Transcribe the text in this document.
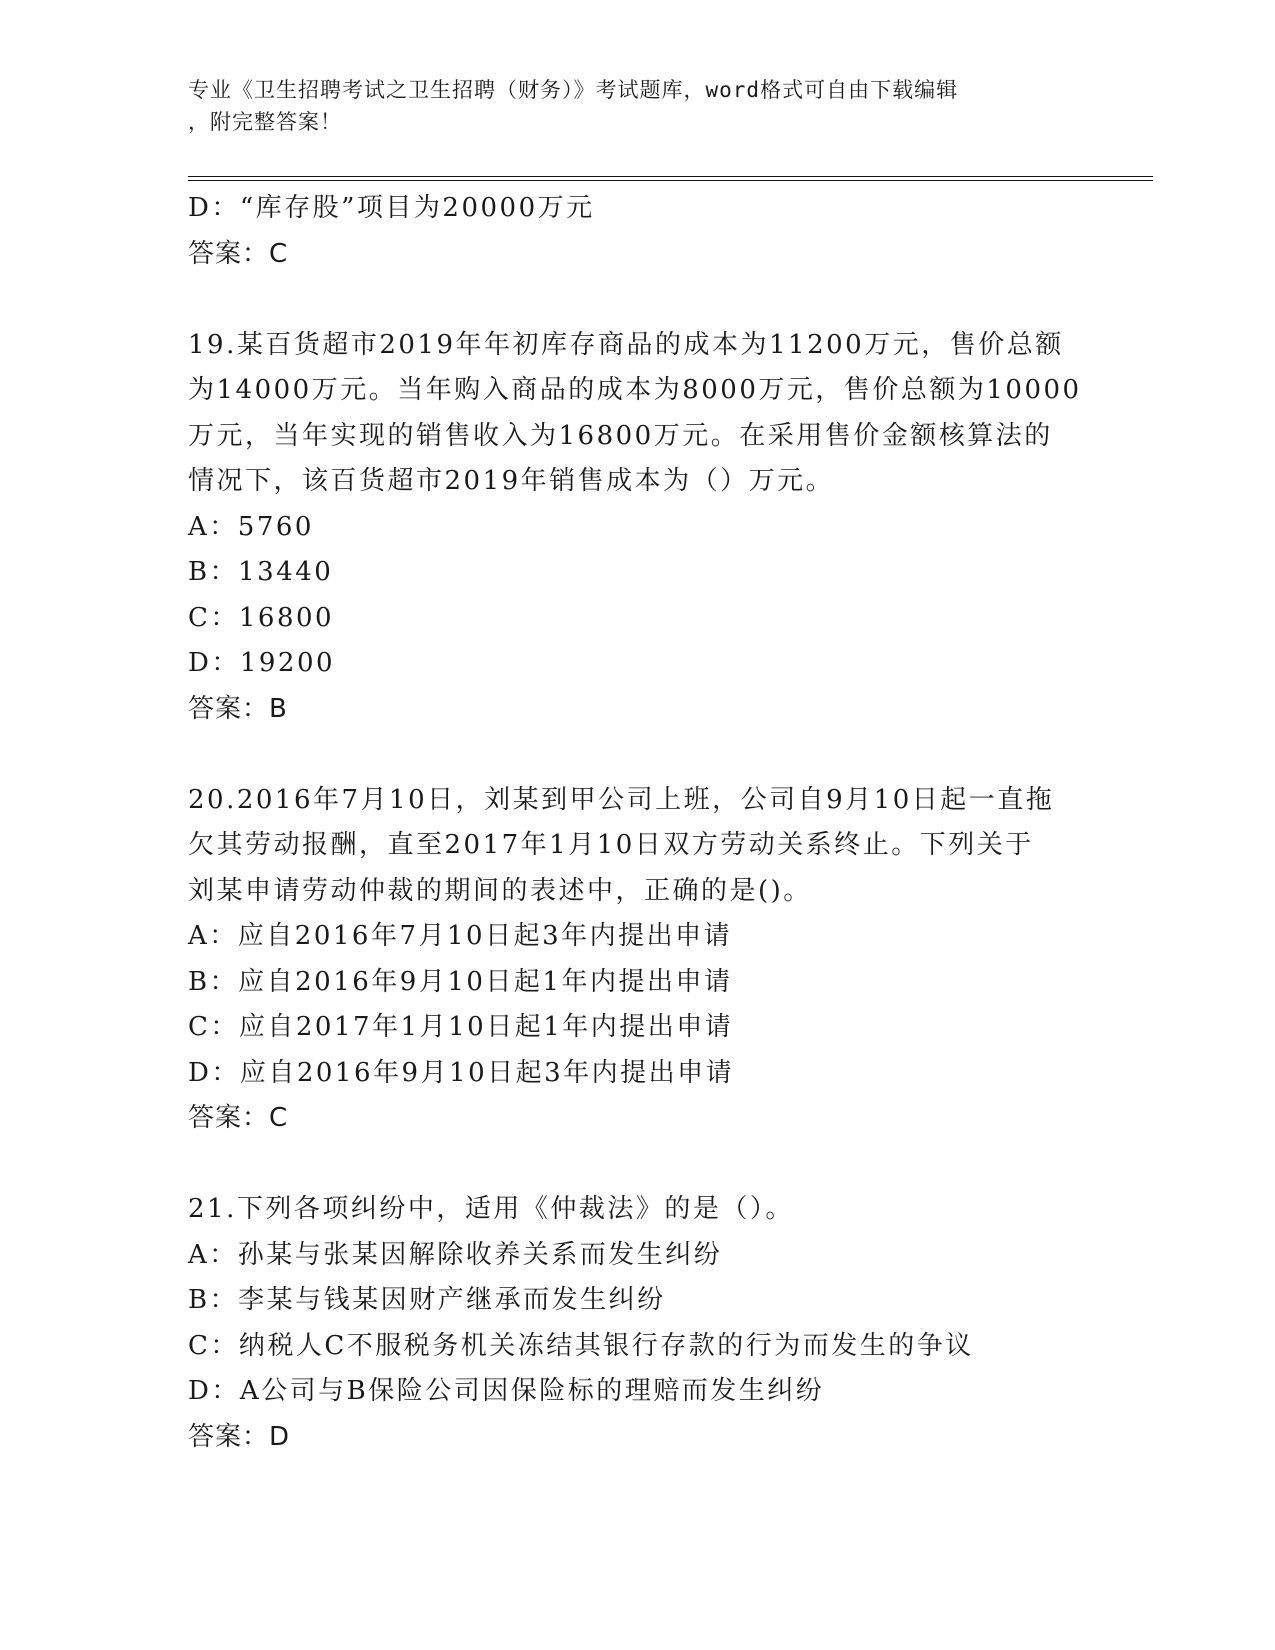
专业《卫生招聘考试之卫生招聘（财务）》考试题库，word格式可自由下载编辑
，附完整答案！
D：“库存股”项目为20000万元
答案：C
19.某百货超市2019年年初库存商品的成本为11200万元，售价总额
为14000万元。当年购入商品的成本为8000万元，售价总额为10000
万元，当年实现的销售收入为16800万元。在采用售价金额核算法的
情况下，该百货超市2019年销售成本为（）万元。
A：5760
B：13440
C：16800
D：19200
答案：B
20.2016年7月10日，刘某到甲公司上班，公司自9月10日起一直拖
欠其劳动报酬，直至2017年1月10日双方劳动关系终止。下列关于
刘某申请劳动仲裁的期间的表述中，正确的是()。
A：应自2016年7月10日起3年内提出申请
B：应自2016年9月10日起1年内提出申请
C：应自2017年1月10日起1年内提出申请
D：应自2016年9月10日起3年内提出申请
答案：C
21.下列各项纠纷中，适用《仲裁法》的是（）。
A：孙某与张某因解除收养关系而发生纠纷
B：李某与钱某因财产继承而发生纠纷
C：纳税人C不服税务机关冻结其银行存款的行为而发生的争议
D：A公司与B保险公司因保险标的理赔而发生纠纷
答案：D
